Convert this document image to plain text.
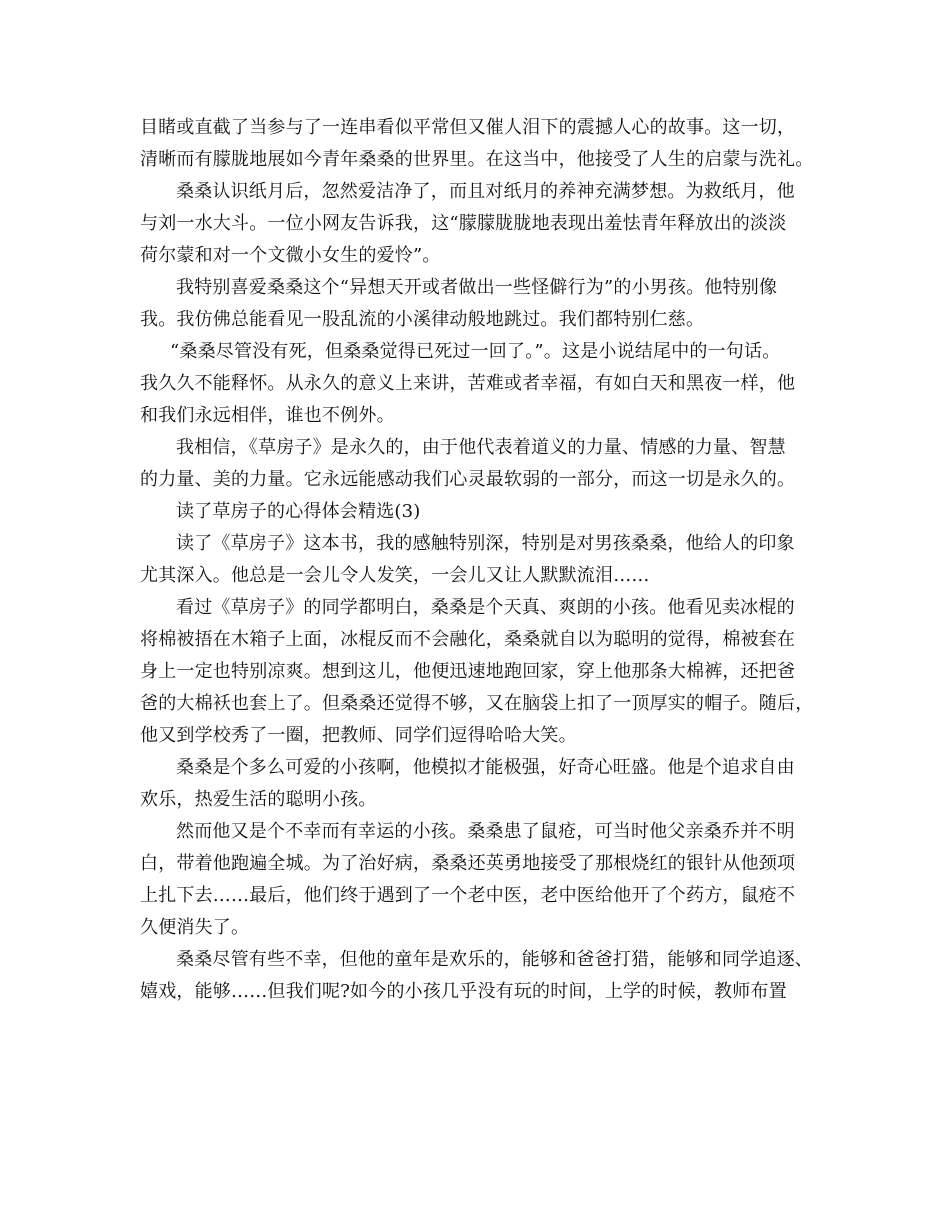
目睹或直截了当参与了一连串看似平常但又催人泪下的震撼人心的故事。这一切，
清晰而有朦胧地展如今青年桑桑的世界里。在这当中，他接受了人生的启蒙与洗礼。
桑桑认识纸月后，忽然爱洁净了，而且对纸月的养神充满梦想。为救纸月，他
与刘一水大斗。一位小网友告诉我，这“朦朦胧胧地表现出羞怯青年释放出的淡淡
荷尔蒙和对一个文微小女生的爱怜”。
我特别喜爱桑桑这个“异想天开或者做出一些怪僻行为”的小男孩。他特别像
我。我仿佛总能看见一股乱流的小溪律动般地跳过。我们都特别仁慈。
“桑桑尽管没有死，但桑桑觉得已死过一回了。”。这是小说结尾中的一句话。
我久久不能释怀。从永久的意义上来讲，苦难或者幸福，有如白天和黑夜一样，他
和我们永远相伴，谁也不例外。
我相信，《草房子》是永久的，由于他代表着道义的力量、情感的力量、智慧
的力量、美的力量。它永远能感动我们心灵最软弱的一部分，而这一切是永久的。
读了草房子的心得体会精选(3)
读了《草房子》这本书，我的感触特别深，特别是对男孩桑桑，他给人的印象
尤其深入。他总是一会儿令人发笑，一会儿又让人默默流泪……
看过《草房子》的同学都明白，桑桑是个天真、爽朗的小孩。他看见卖冰棍的
将棉被捂在木箱子上面，冰棍反而不会融化，桑桑就自以为聪明的觉得，棉被套在
身上一定也特别凉爽。想到这儿，他便迅速地跑回家，穿上他那条大棉裤，还把爸
爸的大棉袄也套上了。但桑桑还觉得不够，又在脑袋上扣了一顶厚实的帽子。随后，
他又到学校秀了一圈，把教师、同学们逗得哈哈大笑。
桑桑是个多么可爱的小孩啊，他模拟才能极强，好奇心旺盛。他是个追求自由
欢乐，热爱生活的聪明小孩。
然而他又是个不幸而有幸运的小孩。桑桑患了鼠疮，可当时他父亲桑乔并不明
白，带着他跑遍全城。为了治好病，桑桑还英勇地接受了那根烧红的银针从他颈项
上扎下去……最后，他们终于遇到了一个老中医，老中医给他开了个药方，鼠疮不
久便消失了。
桑桑尽管有些不幸，但他的童年是欢乐的，能够和爸爸打猎，能够和同学追逐、
嬉戏，能够……但我们呢?如今的小孩几乎没有玩的时间，上学的时候，教师布置
